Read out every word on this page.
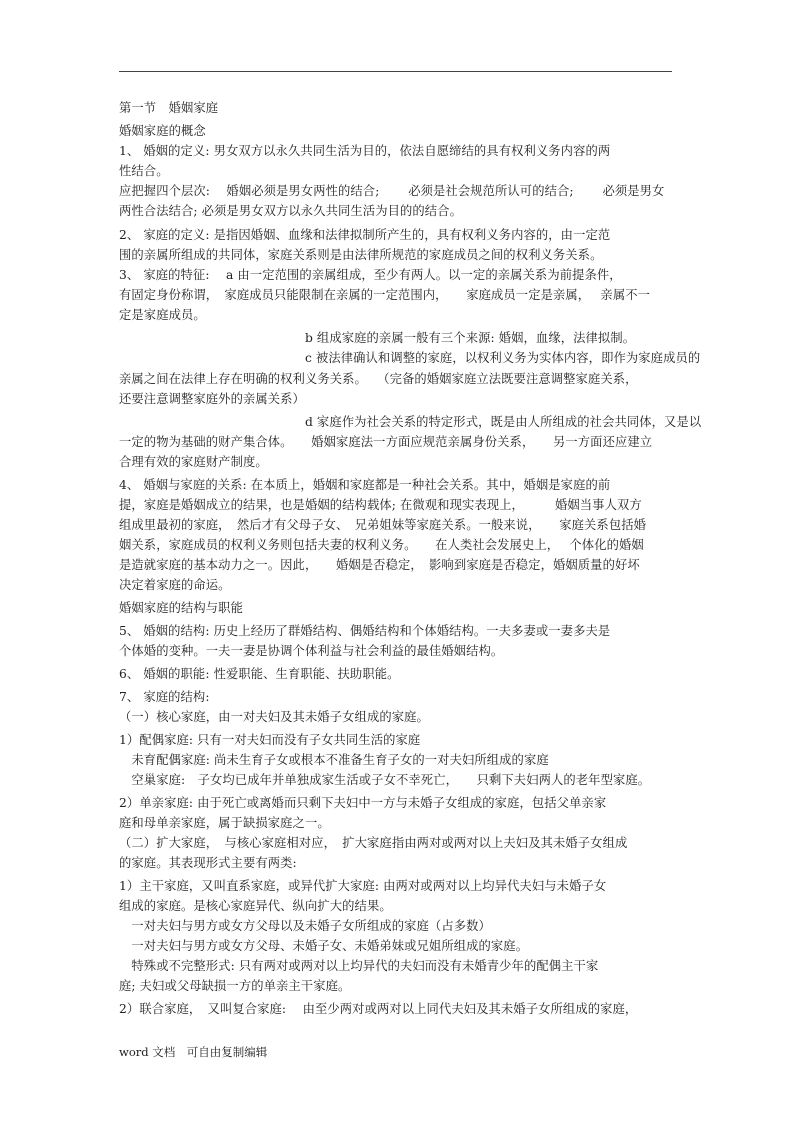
第一节　婚姻家庭
婚姻家庭的概念
1、 婚姻的定义: 男女双方以永久共同生活为目的，依法自愿缔结的具有权利义务内容的两
性结合。
应把握四个层次:　 婚姻必须是男女两性的结合;　　 必须是社会规范所认可的结合;　　 必须是男女
两性合法结合; 必须是男女双方以永久共同生活为目的的结合。
2、 家庭的定义: 是指因婚姻、血缘和法律拟制所产生的，具有权利义务内容的，由一定范
围的亲属所组成的共同体，家庭关系则是由法律所规范的家庭成员之间的权利义务关系。
3、 家庭的特征:　 a 由一定范围的亲属组成，至少有两人。以一定的亲属关系为前提条件，
有固定身份称谓，　家庭成员只能限制在亲属的一定范围内，　　家庭成员一定是亲属，　 亲属不一
定是家庭成员。
　　　　　　　　　　　　　　　b 组成家庭的亲属一般有三个来源: 婚姻，血缘，法律拟制。
　　　　　　　　　　　　　　　c 被法律确认和调整的家庭，以权利义务为实体内容，即作为家庭成员的
亲属之间在法律上存在明确的权利义务关系。　 （完备的婚姻家庭立法既要注意调整家庭关系，
还要注意调整家庭外的亲属关系）
　　　　　　　　　　　　　　　d 家庭作为社会关系的特定形式，既是由人所组成的社会共同体，又是以
一定的物为基础的财产集合体。　　婚姻家庭法一方面应规范亲属身份关系，　　另一方面还应建立
合理有效的家庭财产制度。
4、 婚姻与家庭的关系: 在本质上，婚姻和家庭都是一种社会关系。其中，婚姻是家庭的前
提，家庭是婚姻成立的结果，也是婚姻的结构载体; 在微观和现实表现上，　　　婚姻当事人双方
组成里最初的家庭，　然后才有父母子女、　兄弟姐妹等家庭关系。一般来说，　　家庭关系包括婚
姻关系，家庭成员的权利义务则包括夫妻的权利义务。　　在人类社会发展史上，　 个体化的婚姻
是造就家庭的基本动力之一。因此，　　婚姻是否稳定，　影响到家庭是否稳定，婚姻质量的好坏
决定着家庭的命运。
婚姻家庭的结构与职能
5、 婚姻的结构: 历史上经历了群婚结构、偶婚结构和个体婚结构。一夫多妻或一妻多夫是
个体婚的变种。一夫一妻是协调个体利益与社会利益的最佳婚姻结构。
6、 婚姻的职能: 性爱职能、生育职能、扶助职能。
7、 家庭的结构:
（一）核心家庭，由一对夫妇及其未婚子女组成的家庭。
1）配偶家庭: 只有一对夫妇而没有子女共同生活的家庭
　未育配偶家庭: 尚未生育子女或根本不准备生育子女的一对夫妇所组成的家庭
　空巢家庭:　子女均已成年并单独成家生活或子女不幸死亡，　　只剩下夫妇两人的老年型家庭。
2）单亲家庭: 由于死亡或离婚而只剩下夫妇中一方与未婚子女组成的家庭，包括父单亲家
庭和母单亲家庭，属于缺损家庭之一。
（二）扩大家庭，　与核心家庭相对应，　扩大家庭指由两对或两对以上夫妇及其未婚子女组成
的家庭。其表现形式主要有两类:
1）主干家庭，又叫直系家庭，或异代扩大家庭: 由两对或两对以上均异代夫妇与未婚子女
组成的家庭。是核心家庭异代、纵向扩大的结果。
　一对夫妇与男方或女方父母以及未婚子女所组成的家庭（占多数）
　一对夫妇与男方或女方父母、未婚子女、未婚弟妹或兄姐所组成的家庭。
　特殊或不完整形式: 只有两对或两对以上均异代的夫妇而没有未婚青少年的配偶主干家
庭; 夫妇或父母缺损一方的单亲主干家庭。
2）联合家庭，　又叫复合家庭:　 由至少两对或两对以上同代夫妇及其未婚子女所组成的家庭，
word 文档　可自由复制编辑
